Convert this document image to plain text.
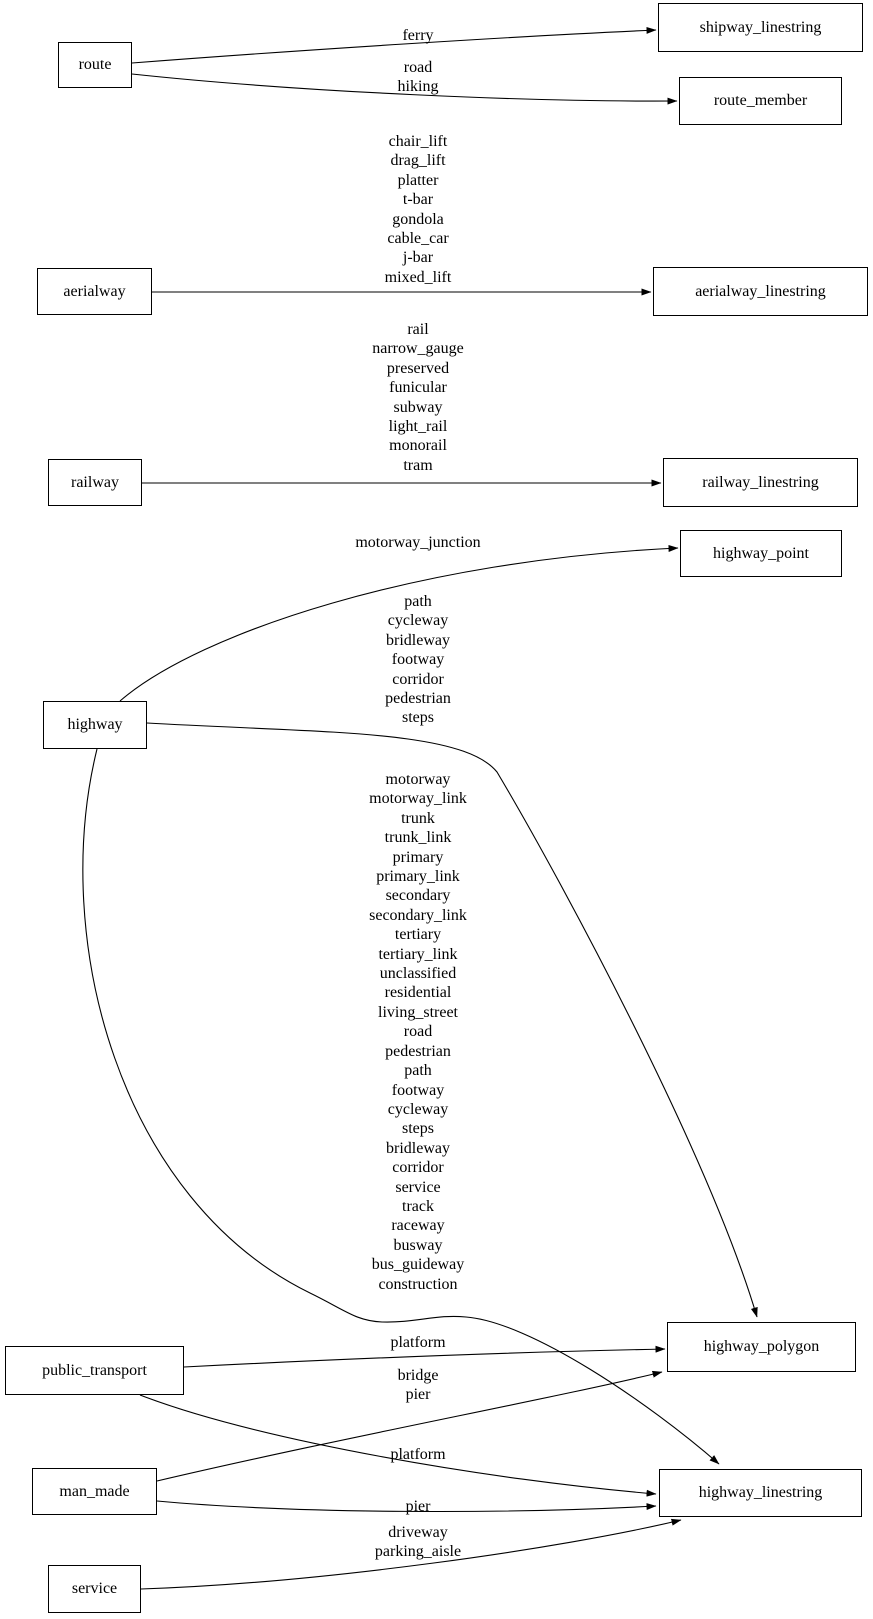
route
shipway_linestring
route_member
aerialway	aerialway_linestring
railway	railway_linestring
highway_point
highway
highway_polygon
public_transport
man_made	highway_linestring
service
ferry
road
hiking
chair_lift
drag_lift
platter
t-bar
gondola
cable_car
j-bar
mixed_lift
rail
narrow_gauge
preserved
funicular
subway
light_rail
monorail
tram
motorway_junction
path
cycleway
bridleway
footway
corridor
pedestrian
steps
motorway
motorway_link
trunk
trunk_link
primary
primary_link
secondary
secondary_link
tertiary
tertiary_link
unclassified
residential
living_street
road
pedestrian
path
footway
cycleway
steps
bridleway
corridor
service
track
raceway
busway
bus_guideway
construction
platform
bridge
pier
platform
pier
driveway
parking_aisle
